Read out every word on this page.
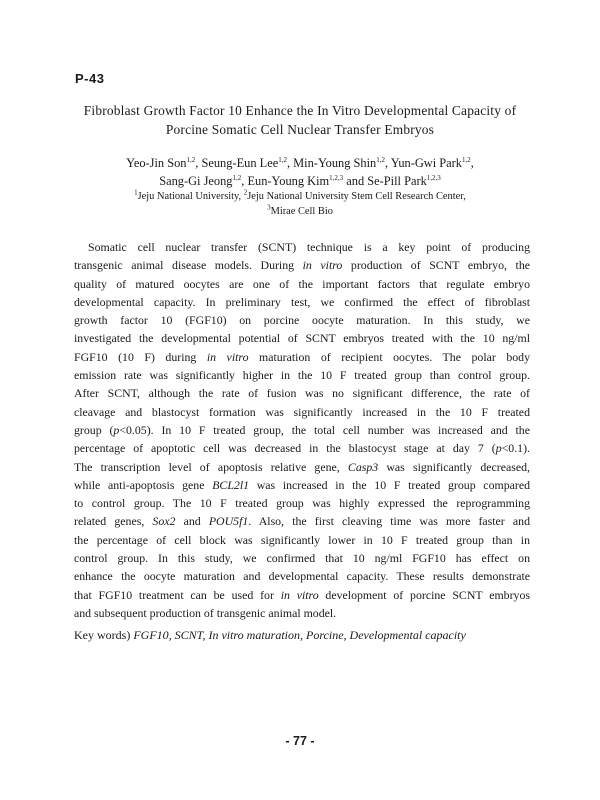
P-43
Fibroblast Growth Factor 10 Enhance the In Vitro Developmental Capacity of
Porcine Somatic Cell Nuclear Transfer Embryos
Yeo-Jin Son$^{1,2}$, Seung-Eun Lee$^{1,2}$, Min-Young Shin$^{1,2}$, Yun-Gwi Park$^{1,2}$,
Sang-Gi Jeong$^{1,2}$, Eun-Young Kim$^{1,2,3}$ and Se-Pill Park$^{1,2,3}$
$^1$Jeju National University, $^2$Jeju National University Stem Cell Research Center,
$^3$Mirae Cell Bio
Somatic cell nuclear transfer (SCNT) technique is a key point of producing
transgenic animal disease models. During in vitro production of SCNT embryo, the
quality of matured oocytes are one of the important factors that regulate embryo
developmental capacity. In preliminary test, we confirmed the effect of fibroblast
growth factor 10 (FGF10) on porcine oocyte maturation. In this study, we
investigated the developmental potential of SCNT embryos treated with the 10 ng/ml
FGF10 (10 F) during in vitro maturation of recipient oocytes. The polar body
emission rate was significantly higher in the 10 F treated group than control group.
After SCNT, although the rate of fusion was no significant difference, the rate of
cleavage and blastocyst formation was significantly increased in the 10 F treated
group (p<0.05). In 10 F treated group, the total cell number was increased and the
percentage of apoptotic cell was decreased in the blastocyst stage at day 7 (p<0.1).
The transcription level of apoptosis relative gene, Casp3 was significantly decreased,
while anti-apoptosis gene BCL2l1 was increased in the 10 F treated group compared
to control group. The 10 F treated group was highly expressed the reprogramming
related genes, Sox2 and POU5f1. Also, the first cleaving time was more faster and
the percentage of cell block was significantly lower in 10 F treated group than in
control group. In this study, we confirmed that 10 ng/ml FGF10 has effect on
enhance the oocyte maturation and developmental capacity. These results demonstrate
that FGF10 treatment can be used for in vitro development of porcine SCNT embryos
and subsequent production of transgenic animal model.
Key words) FGF10, SCNT, In vitro maturation, Porcine, Developmental capacity
- 77 -
